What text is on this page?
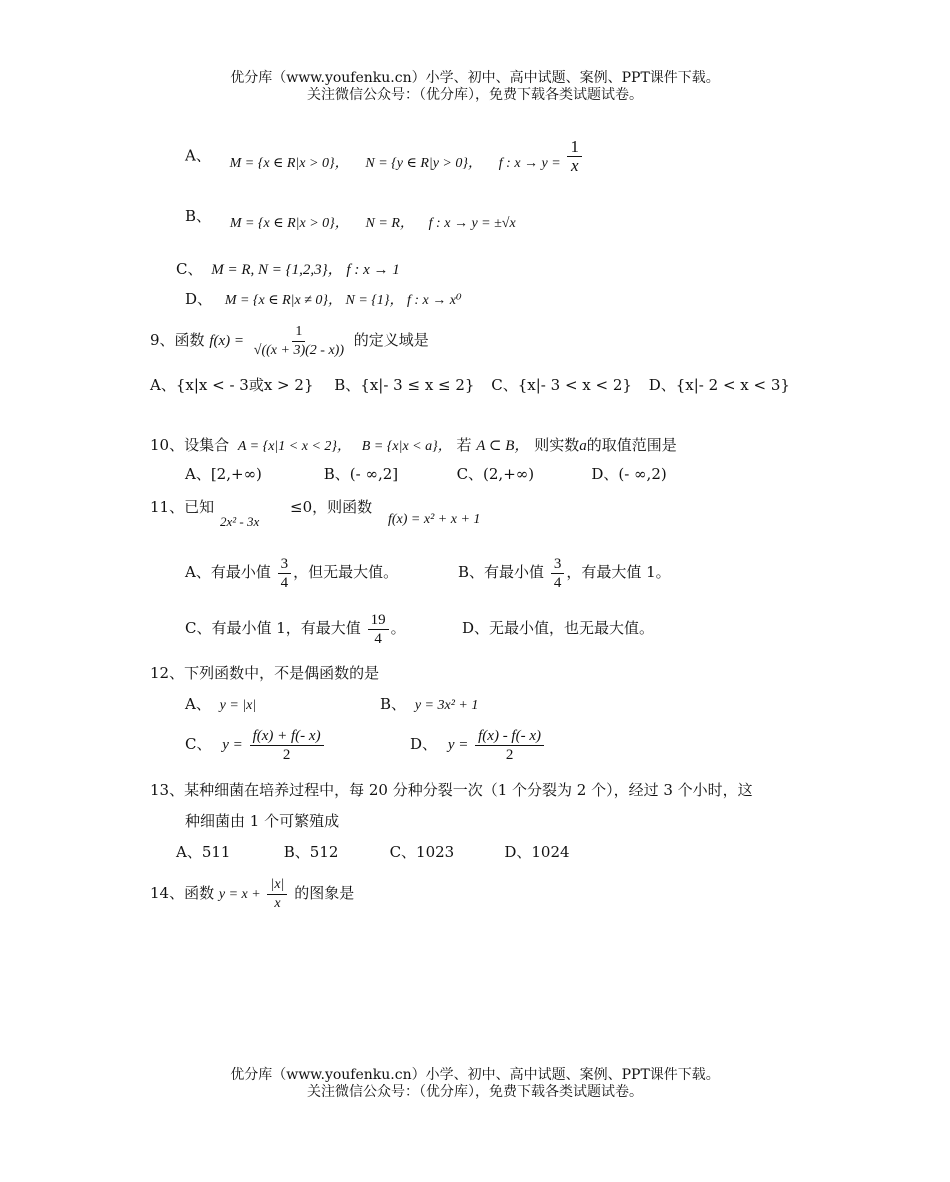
优分库（www.youfenku.cn）小学、初中、高中试题、案例、PPT课件下载。
关注微信公众号：（优分库），免费下载各类试题试卷。
A、 M = {x ∈ R|x > 0}， N = {y ∈ R|y > 0}， f : $x \to y = \frac{1}{x}$
B、 M = {x ∈ R|x > 0}， N = R， f : x → y = ±√x
C、 M = R, N = {1,2,3}， f : x → 1
D、 M = {x ∈ R|x ≠ 0}， N = {1}， f : x → x⁰
9、函数 $f(x) = \frac{1}{√((x + 3)(2 - x))}$ 的定义域是
A、{x|x < - 3或x > 2} B、{x|- 3 ≤ x ≤ 2} C、{x|- 3 < x < 2} D、{x|- 2 < x < 3}
10、设集合 A = {x|1 < x < 2}， B = {x|x < a}， 若 A ⊂ B， 则实数a的取值范围是
A、[2,+∞)	B、(- ∞,2]	C、(2,+∞)	D、(- ∞,2)
11、已知
2x² - 3x
≤0，则函数
f(x) = x² + x + 1
A、有最小值 $\frac{3}{4}$ ，但无最大值。	B、有最小值 $\frac{3}{4}$ ，有最大值 1。
C、有最小值 1，有最大值 $\frac{19}{4}$ 。	D、无最小值，也无最大值。
12、下列函数中，不是偶函数的是
A、 y = |x|	B、 y = 3x² + 1
C、 $y = \frac{f(x) + f(- x)}{2}$	D、 $y = \frac{f(x) - f(- x)}{2}$
13、某种细菌在培养过程中，每 20 分种分裂一次（1 个分裂为 2 个），经过 3 个小时，这
种细菌由 1 个可繁殖成
A、511	B、512	C、1023	D、1024
14、函数 $y = x + \frac{|x|}{x}$ 的图象是
优分库（www.youfenku.cn）小学、初中、高中试题、案例、PPT课件下载。
关注微信公众号：（优分库），免费下载各类试题试卷。
